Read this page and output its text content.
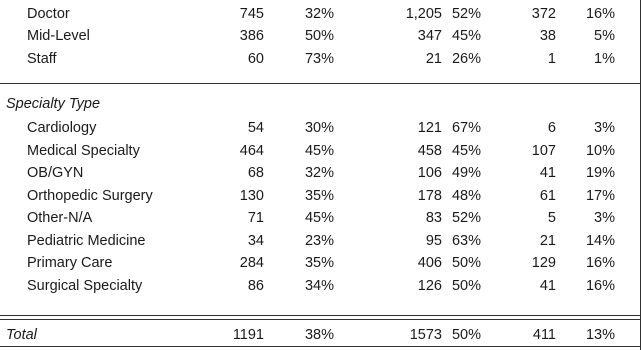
Doctor	745	32%	1,205 52%	372 16%
Mid-Level	386	50%	347 45%	38	5%
Staff	60	73%	21 26%	1	1%
Specialty Type
Cardiology	54	30%	121 67%	6	3%
Medical Specialty	464	45%	458 45%	107 10%
OB/GYN	68	32%	106 49%	41 19%
Orthopedic Surgery	130	35%	178 48%	61 17%
Other-N/A	71	45%	83 52%	5	3%
Pediatric Medicine	34	23%	95 63%	21 14%
Primary Care	284	35%	406 50%	129 16%
Surgical Specialty	86	34%	126 50%	41 16%
Total	1191	38%	1573 50%	411 13%
